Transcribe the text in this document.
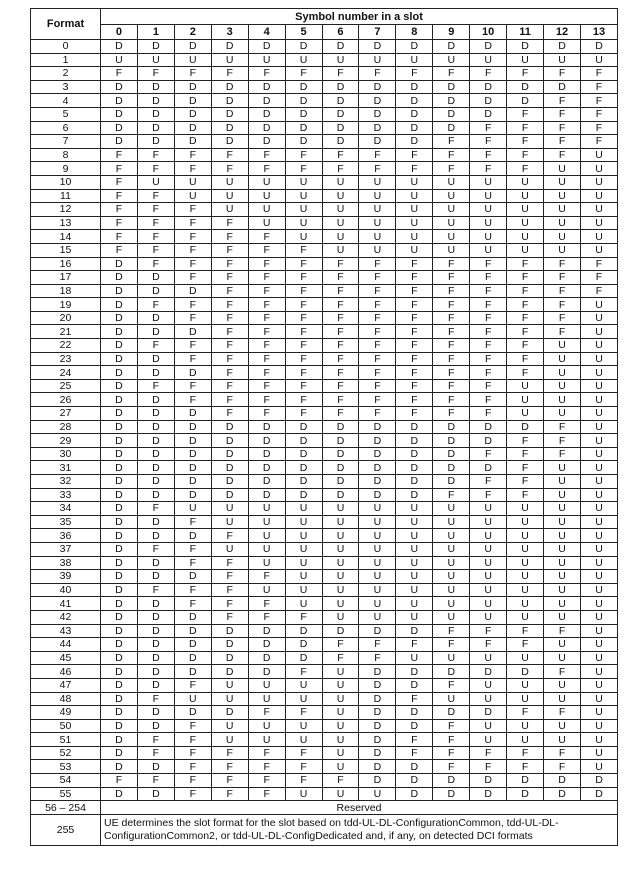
Format	Symbol number in a slot													
	0	1	2	3	4	5	6	7	8	9	10	11	12	13
0	D	D	D	D	D	D	D	D	D	D	D	D	D	D
1	U	U	U	U	U	U	U	U	U	U	U	U	U	U
2	F	F	F	F	F	F	F	F	F	F	F	F	F	F
3	D	D	D	D	D	D	D	D	D	D	D	D	D	F
4	D	D	D	D	D	D	D	D	D	D	D	D	F	F
5	D	D	D	D	D	D	D	D	D	D	D	F	F	F
6	D	D	D	D	D	D	D	D	D	D	F	F	F	F
7	D	D	D	D	D	D	D	D	D	F	F	F	F	F
8	F	F	F	F	F	F	F	F	F	F	F	F	F	U
9	F	F	F	F	F	F	F	F	F	F	F	F	U	U
10	F	U	U	U	U	U	U	U	U	U	U	U	U	U
11	F	F	U	U	U	U	U	U	U	U	U	U	U	U
12	F	F	F	U	U	U	U	U	U	U	U	U	U	U
13	F	F	F	F	U	U	U	U	U	U	U	U	U	U
14	F	F	F	F	F	U	U	U	U	U	U	U	U	U
15	F	F	F	F	F	F	U	U	U	U	U	U	U	U
16	D	F	F	F	F	F	F	F	F	F	F	F	F	F
17	D	D	F	F	F	F	F	F	F	F	F	F	F	F
18	D	D	D	F	F	F	F	F	F	F	F	F	F	F
19	D	F	F	F	F	F	F	F	F	F	F	F	F	U
20	D	D	F	F	F	F	F	F	F	F	F	F	F	U
21	D	D	D	F	F	F	F	F	F	F	F	F	F	U
22	D	F	F	F	F	F	F	F	F	F	F	F	U	U
23	D	D	F	F	F	F	F	F	F	F	F	F	U	U
24	D	D	D	F	F	F	F	F	F	F	F	F	U	U
25	D	F	F	F	F	F	F	F	F	F	F	U	U	U
26	D	D	F	F	F	F	F	F	F	F	F	U	U	U
27	D	D	D	F	F	F	F	F	F	F	F	U	U	U
28	D	D	D	D	D	D	D	D	D	D	D	D	F	U
29	D	D	D	D	D	D	D	D	D	D	D	F	F	U
30	D	D	D	D	D	D	D	D	D	D	F	F	F	U
31	D	D	D	D	D	D	D	D	D	D	D	F	U	U
32	D	D	D	D	D	D	D	D	D	D	F	F	U	U
33	D	D	D	D	D	D	D	D	D	F	F	F	U	U
34	D	F	U	U	U	U	U	U	U	U	U	U	U	U
35	D	D	F	U	U	U	U	U	U	U	U	U	U	U
36	D	D	D	F	U	U	U	U	U	U	U	U	U	U
37	D	F	F	U	U	U	U	U	U	U	U	U	U	U
38	D	D	F	F	U	U	U	U	U	U	U	U	U	U
39	D	D	D	F	F	U	U	U	U	U	U	U	U	U
40	D	F	F	F	U	U	U	U	U	U	U	U	U	U
41	D	D	F	F	F	U	U	U	U	U	U	U	U	U
42	D	D	D	F	F	F	U	U	U	U	U	U	U	U
43	D	D	D	D	D	D	D	D	D	F	F	F	F	U
44	D	D	D	D	D	D	F	F	F	F	F	F	U	U
45	D	D	D	D	D	D	F	F	U	U	U	U	U	U
46	D	D	D	D	D	F	U	D	D	D	D	D	F	U
47	D	D	F	U	U	U	U	D	D	F	U	U	U	U
48	D	F	U	U	U	U	U	D	F	U	U	U	U	U
49	D	D	D	D	F	F	U	D	D	D	D	F	F	U
50	D	D	F	U	U	U	U	D	D	F	U	U	U	U
51	D	F	F	U	U	U	U	D	F	F	U	U	U	U
52	D	F	F	F	F	F	U	D	F	F	F	F	F	U
53	D	D	F	F	F	F	U	D	D	F	F	F	F	U
54	F	F	F	F	F	F	F	D	D	D	D	D	D	D
55	D	D	F	F	F	U	U	U	D	D	D	D	D	D
56 – 254	Reserved													
255	UE determines the slot format for the slot based on tdd-UL-DL-ConfigurationCommon, tdd-UL-DL-ConfigurationCommon2, or tdd-UL-DL-ConfigDedicated and, if any, on detected DCI formats													
